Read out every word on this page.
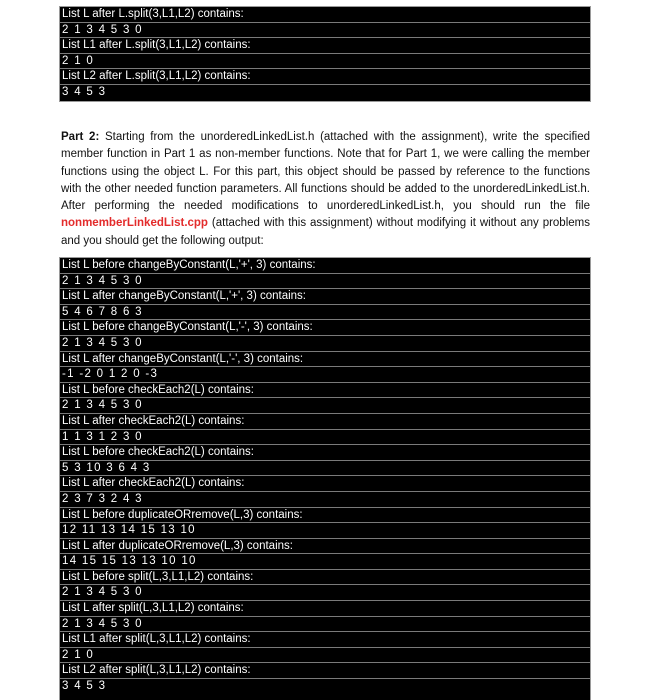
List L after L.split(3,L1,L2) contains:
2 1 3 4 5 3 0
List L1 after L.split(3,L1,L2) contains:
2 1 0
List L2 after L.split(3,L1,L2) contains:
3 4 5 3

Part 2: Starting from the unorderedLinkedList.h (attached with the assignment), write the specified member function in Part 1 as non-member functions. Note that for Part 1, we were calling the member functions using the object L. For this part, this object should be passed by reference to the functions with the other needed function parameters. All functions should be added to the unorderedLinkedList.h. After performing the needed modifications to unorderedLinkedList.h, you should run the file nonmemberLinkedList.cpp (attached with this assignment) without modifying it without any problems and you should get the following output:

List L before changeByConstant(L,'+', 3) contains:
2 1 3 4 5 3 0
List L after changeByConstant(L,'+', 3) contains:
5 4 6 7 8 6 3
List L before changeByConstant(L,'-', 3) contains:
2 1 3 4 5 3 0
List L after changeByConstant(L,'-', 3) contains:
-1 -2 0 1 2 0 -3
List L before checkEach2(L) contains:
2 1 3 4 5 3 0
List L after checkEach2(L) contains:
1 1 3 1 2 3 0
List L before checkEach2(L) contains:
5 3 10 3 6 4 3
List L after checkEach2(L) contains:
2 3 7 3 2 4 3
List L before duplicateORremove(L,3) contains:
12 11 13 14 15 13 10
List L after duplicateORremove(L,3) contains:
14 15 15 13 13 10 10
List L before split(L,3,L1,L2) contains:
2 1 3 4 5 3 0
List L after split(L,3,L1,L2) contains:
2 1 3 4 5 3 0
List L1 after split(L,3,L1,L2) contains:
2 1 0
List L2 after split(L,3,L1,L2) contains:
3 4 5 3
